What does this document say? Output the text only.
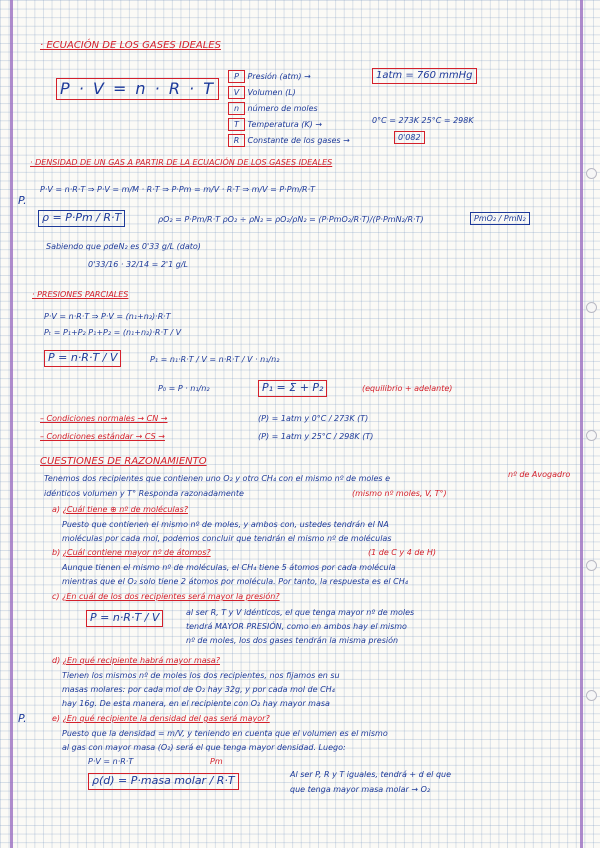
· ECUACIÓN DE LOS GASES IDEALES
P · V = n · R · T
P Presión (atm) →
V Volumen (L)
n número de moles
T Temperatura (K) →
R Constante de los gases →
1atm = 760 mmHg
0°C = 273K 25°C = 298K
0'082
· DENSIDAD DE UN GAS A PARTIR DE LA ECUACIÓN DE LOS GASES IDEALES
P.
P·V = n·R·T ⇒ P·V = m/M · R·T ⇒ P·Pm = m/V · R·T ⇒ m/V = P·Pm/R·T
ρ = P·Pm / R·T	ρO₂ = P·Pm/R·T ρO₂ ÷ ρN₂ = ρO₂/ρN₂ = (P·PmO₂/R·T)/(P·PmN₂/R·T)	PmO₂ / PmN₂
Sabiendo que ρdeN₂ es 0'33 g/L (dato)
0'33/16 · 32/14 = 2'1 g/L
· PRESIONES PARCIALES
P·V = n·R·T ⇒ P·V = (n₁+n₂)·R·T
Pₜ = P₁+P₂ P₁+P₂ = (n₁+n₂)·R·T / V
P = n·R·T / V	P₁ = n₁·R·T / V = n·R·T / V · n₁/n₂
P₀ = P · n₁/n₂	P₁ = Σ + P₂	(equilibrio + adelante)
– Condiciones normales → CN →	(P) = 1atm y 0°C / 273K (T)
– Condiciones estándar → CS →	(P) = 1atm y 25°C / 298K (T)
CUESTIONES DE RAZONAMIENTO
nº de Avogadro
Tenemos dos recipientes que contienen uno O₂ y otro CH₄ con el mismo nº de moles e
idénticos volumen y T° Responda razonadamente	(mismo nº moles, V, T°)
a) ¿Cuál tiene ⊕ nº de moléculas?
Puesto que contienen el mismo nº de moles, y ambos con, ustedes tendrán el NA
moléculas por cada mol, podemos concluir que tendrán el mismo nº de moléculas
b) ¿Cuál contiene mayor nº de átomos?	(1 de C y 4 de H)
Aunque tienen el mismo nº de moléculas, el CH₄ tiene 5 átomos por cada molécula
mientras que el O₂ solo tiene 2 átomos por molécula. Por tanto, la respuesta es el CH₄
c) ¿En cuál de los dos recipientes será mayor la presión?
P = n·R·T / V	al ser R, T y V idénticos, el que tenga mayor nº de moles
tendrá MAYOR PRESIÓN, como en ambos hay el mismo
nº de moles, los dos gases tendrán la misma presión
d) ¿En qué recipiente habrá mayor masa?
Tienen los mismos nº de moles los dos recipientes, nos fijamos en su
masas molares: por cada mol de O₂ hay 32g, y por cada mol de CH₄
hay 16g. De esta manera, en el recipiente con O₂ hay mayor masa
P.	e) ¿En qué recipiente la densidad del gas será mayor?
Puesto que la densidad = m/V, y teniendo en cuenta que el volumen es el mismo
al gas con mayor masa (O₂) será el que tenga mayor densidad. Luego:
P·V = n·R·T	Pm
ρ(d) = P·masa molar / R·T	Al ser P, R y T iguales, tendrá + d el que
que tenga mayor masa molar → O₂
